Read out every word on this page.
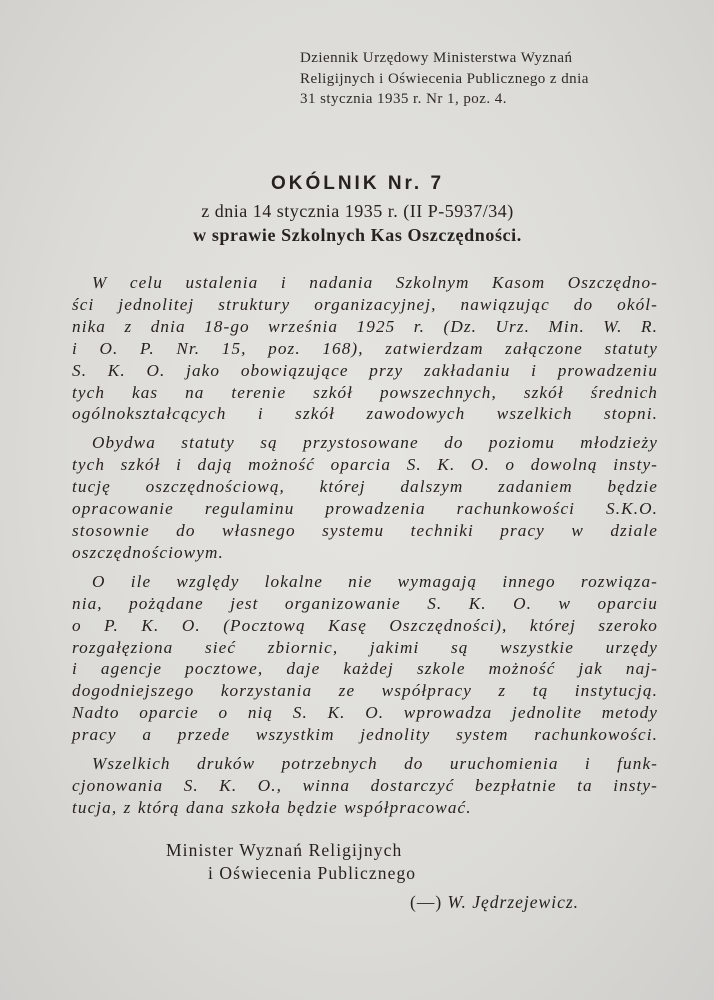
Dziennik Urzędowy Ministerstwa Wyznań
Religijnych i Oświecenia Publicznego z dnia
31 stycznia 1935 r. Nr 1, poz. 4.
OKÓLNIK Nr. 7
z dnia 14 stycznia 1935 r. (II P-5937/34)
w sprawie Szkolnych Kas Oszczędności.

W celu ustalenia i nadania Szkolnym Kasom Oszczędno-
ści jednolitej struktury organizacyjnej, nawiązując do okól-
nika z dnia 18-go września 1925 r. (Dz. Urz. Min. W. R.
i O. P. Nr. 15, poz. 168), zatwierdzam załączone statuty
S. K. O. jako obowiązujące przy zakładaniu i prowadzeniu
tych kas na terenie szkół powszechnych, szkół średnich
ogólnokształcących i szkół zawodowych wszelkich stopni.

Obydwa statuty są przystosowane do poziomu młodzieży
tych szkół i dają możność oparcia S. K. O. o dowolną insty-
tucję oszczędnościową, której dalszym zadaniem będzie
opracowanie regulaminu prowadzenia rachunkowości S.K.O.
stosownie do własnego systemu techniki pracy w dziale
oszczędnościowym.

O ile względy lokalne nie wymagają innego rozwiąza-
nia, pożądane jest organizowanie S. K. O. w oparciu
o P. K. O. (Pocztową Kasę Oszczędności), której szeroko
rozgałęziona sieć zbiornic, jakimi są wszystkie urzędy
i agencje pocztowe, daje każdej szkole możność jak naj-
dogodniejszego korzystania ze współpracy z tą instytucją.
Nadto oparcie o nią S. K. O. wprowadza jednolite metody
pracy a przede wszystkim jednolity system rachunkowości.

Wszelkich druków potrzebnych do uruchomienia i funk-
cjonowania S. K. O., winna dostarczyć bezpłatnie ta insty-
tucja, z którą dana szkoła będzie współpracować.

Minister Wyznań Religijnych
i Oświecenia Publicznego
(—) W. Jędrzejewicz.
